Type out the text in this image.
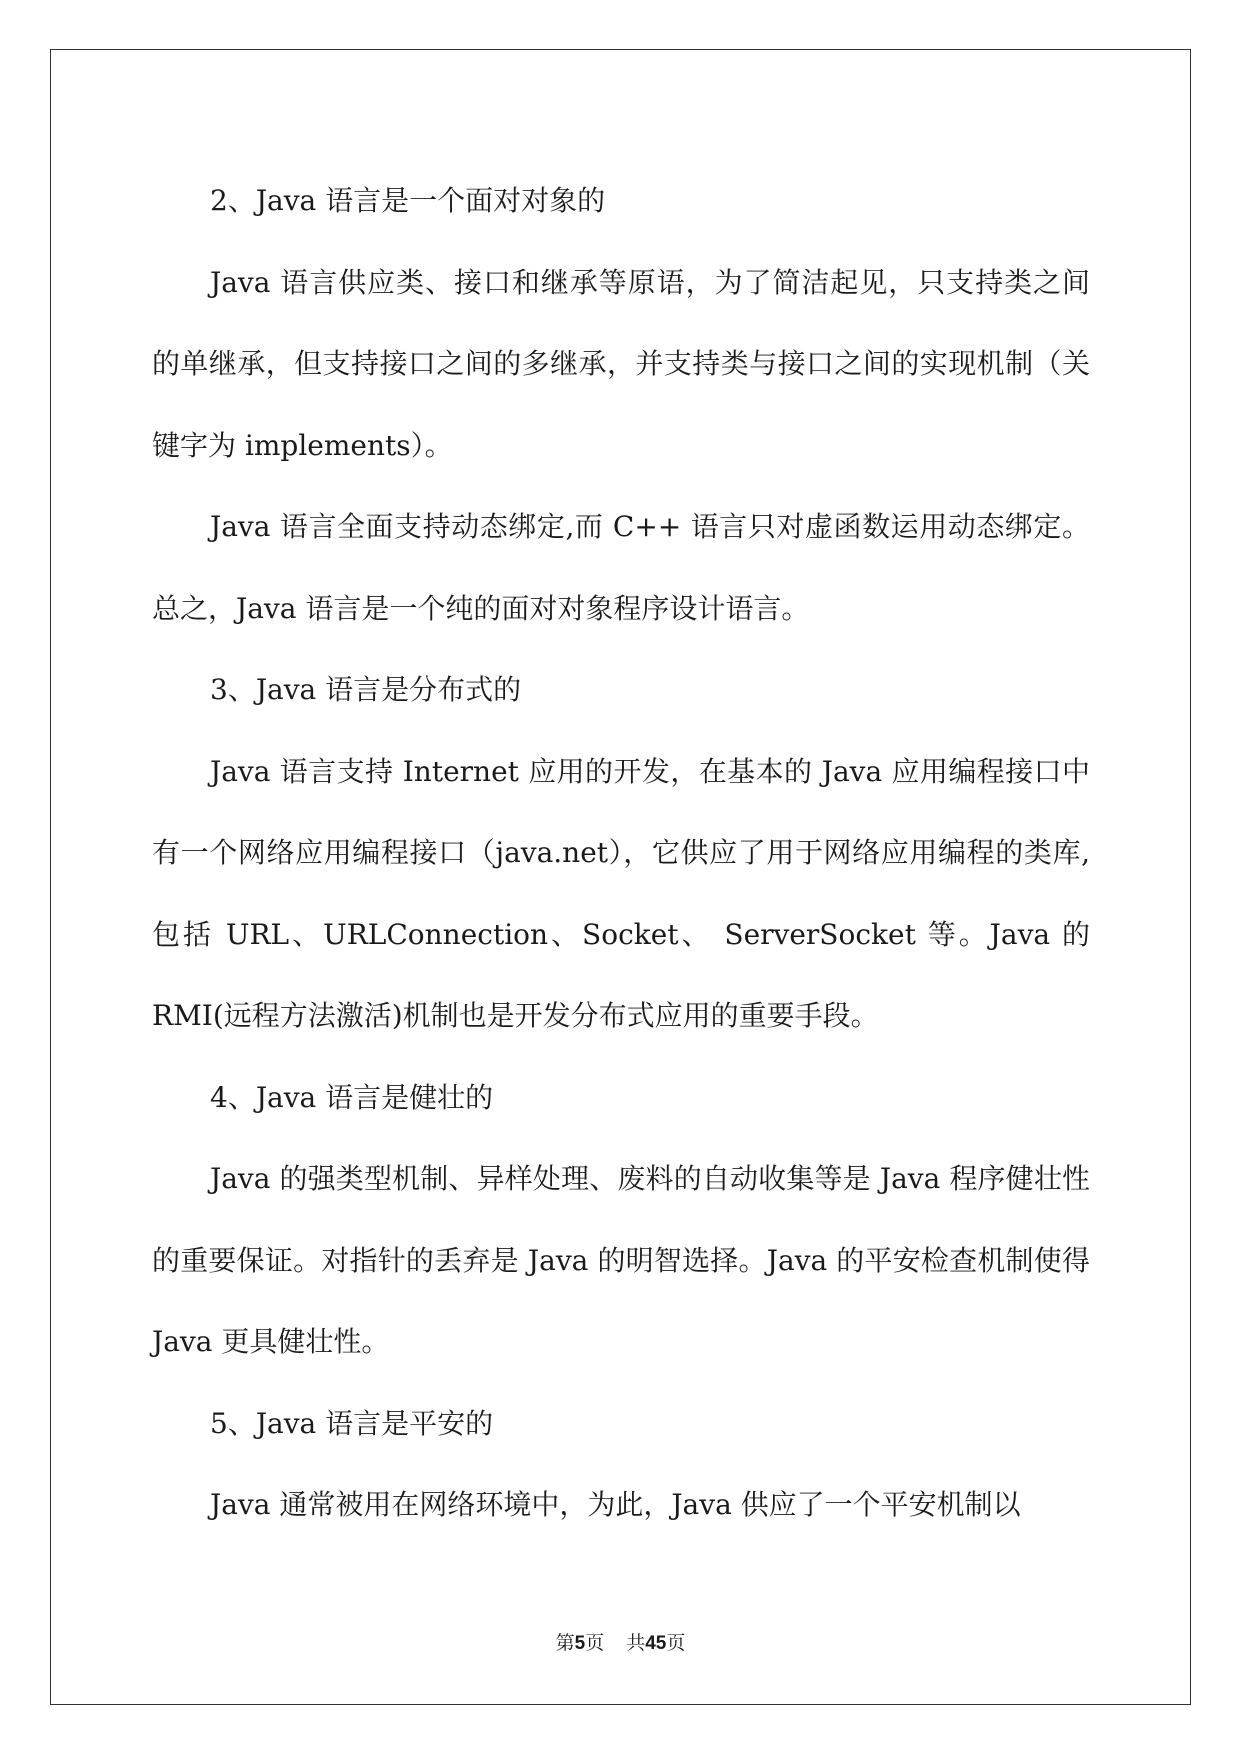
2、Java 语言是一个面对对象的

Java 语言供应类、接口和继承等原语，为了简洁起见，只支持类之间的单继承，但支持接口之间的多继承，并支持类与接口之间的实现机制（关键字为 implements）。

Java 语言全面支持动态绑定,而 C++ 语言只对虚函数运用动态绑定。总之，Java 语言是一个纯的面对对象程序设计语言。

3、Java 语言是分布式的

Java 语言支持 Internet 应用的开发，在基本的 Java 应用编程接口中有一个网络应用编程接口（java.net），它供应了用于网络应用编程的类库,包括 URL、URLConnection、Socket、 ServerSocket 等。Java 的 RMI(远程方法激活)机制也是开发分布式应用的重要手段。

4、Java 语言是健壮的

Java 的强类型机制、异样处理、废料的自动收集等是 Java 程序健壮性的重要保证。对指针的丢弃是 Java 的明智选择。Java 的平安检查机制使得 Java 更具健壮性。

5、Java 语言是平安的

Java 通常被用在网络环境中，为此，Java 供应了一个平安机制以

第5页 共45页
